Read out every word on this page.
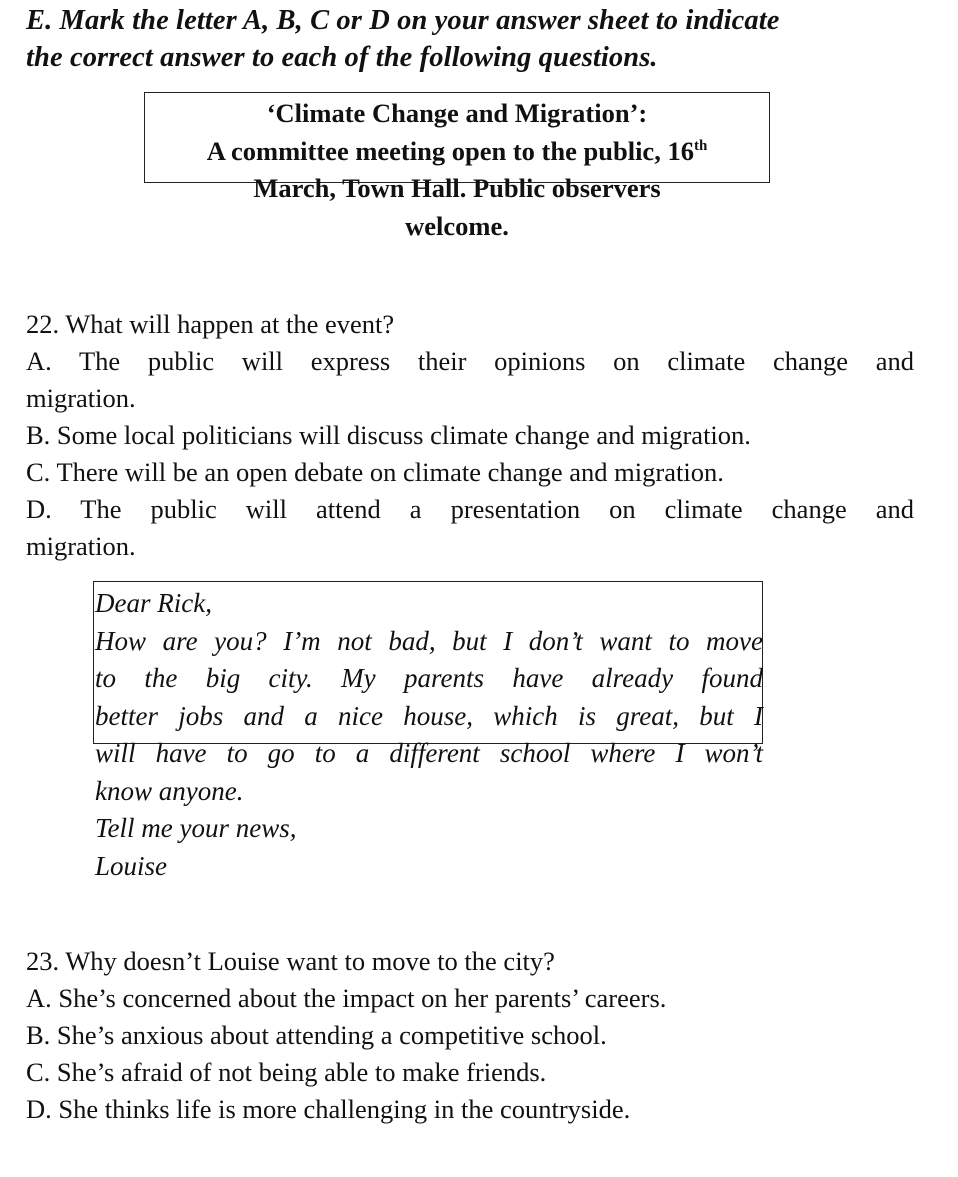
E. Mark the letter A, B, C or D on your answer sheet to indicate
the correct answer to each of the following questions.
‘Climate Change and Migration’:
A committee meeting open to the public, 16th
March, Town Hall. Public observers
welcome.
22. What will happen at the event?
A. The public will express their opinions on climate change and
migration.
B. Some local politicians will discuss climate change and migration.
C. There will be an open debate on climate change and migration.
D. The public will attend a presentation on climate change and
migration.
Dear Rick,
How are you? I’m not bad, but I don’t want to move
to the big city. My parents have already found
better jobs and a nice house, which is great, but I
will have to go to a different school where I won’t
know anyone.
Tell me your news,
Louise
23. Why doesn’t Louise want to move to the city?
A. She’s concerned about the impact on her parents’ careers.
B. She’s anxious about attending a competitive school.
C. She’s afraid of not being able to make friends.
D. She thinks life is more challenging in the countryside.
